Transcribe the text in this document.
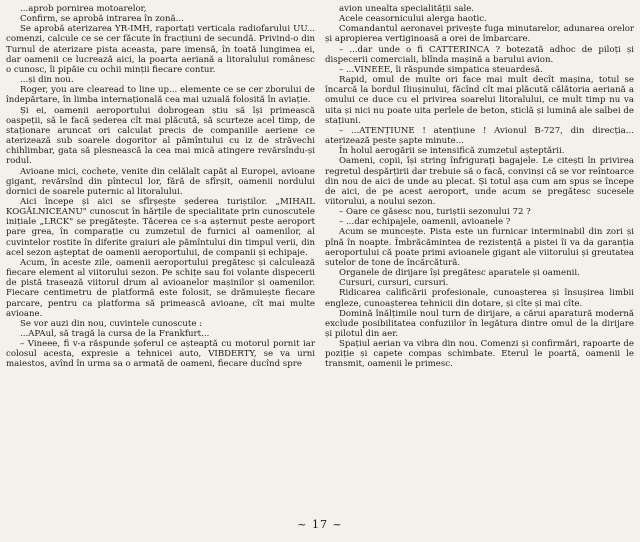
...aprob pornirea motoarelor,

Confirm, se aprobă intrarea în zonă...

Se aprobă aterizarea YR-IMH, raportați verticala radiofarului UU... comenzi, calcule ce se cer făcute în fracțiuni de secundă. Privind-o din Turnul de aterizare pista aceasta, pare imensă, în toată lungimea ei, dar oamenii ce lucrează aici, la poarta aeriană a litoralului românesc o cunosc, îi pipăie cu ochii minții fiecare contur.

...și din nou.

Roger, you are clearead to line up... elemente ce se cer zborului de îndepărtare, în limba internațională cea mai uzuală folosită în aviație.

Și ei, oamenii aeroportului dobrogean știu să își primească oaspeții, să le facă șederea cît mai plăcută, să scurteze acel timp, de staționare aruncat ori calculat precis de companiile aeriene ce aterizează sub soarele dogoritor al pămîntului cu iz de străvechi chihlimbar, gata să plesnească la cea mai mică atingere revărsîndu-și rodul.

Avioane mici, cochete, venite din celălalt capăt al Europei, avioane gigant, revărsînd din pîntecul lor, fără de sfîrșit, oamenii nordului dornici de soarele puternic al litoralului.

Aici începe și aici se sfîrșește șederea turiștilor. „MIHAIL KOGĂLNICEANU" cunoscut în hărțile de specialitate prin cunoscutele inițiale „LRCK" se pregătește. Tăcerea ce s-a așternut peste aeroport pare grea, în comparație cu zumzetul de furnici al oamenilor, al cuvintelor rostite în diferite graiuri ale pămîntului din timpul verii, din acel sezon așteptat de oamenii aeroportului, de companii și echipaje.

Acum, în aceste zile, oamenii aeroportului pregătesc și calculează fiecare element al viitorului sezon. Pe schițe sau foi volante dispecerii de pistă trasează viitorul drum al avioanelor mașinilor și oamenilor. Fiecare centimetru de platformă este folosit, se drămuiește fiecare parcare, pentru ca platforma să primească avioane, cît mai multe avioane.

Se vor auzi din nou, cuvintele cunoscute :

...APAul, să tragă la cursa de la Frankfurt...

– Vineee, fi v-a răspunde șoferul ce așteaptă cu motorul pornit iar colosul acesta, expresie a tehnicei auto, VIBDERTY, se va urni maiestos, avînd în urma sa o armată de oameni, fiecare ducînd spre

avion unealta specialității sale.

Acele ceasornicului alerga haotic.

Comandantul aeronavei privește fuga minutarelor, adunarea orelor și apropierea vertiginoasă a orei de îmbarcare.

– ...dar unde o fi CATTERINCA ? botezată adhoc de piloți și dispecerii comerciali, blînda mașină a barului avion.

– ...VINEEE, îi răspunde simpatica steuardesă.

Rapid, omul de multe ori face mai mult decît mașina, totul se încarcă la bordul Iliușinului, făcînd cît mai plăcută călătoria aeriană a omului ce duce cu el privirea soarelui litoralului, ce mult timp nu va uita și nici nu poate uita perlele de beton, sticlă și lumină ale salbei de stațiuni.

– ...ATENȚIUNE ! atențiune ! Avionul B-727, din direcția... aterizează peste șapte minute...

În holul aerogării se intensifică zumzetul așteptării.

Oameni, copii, își string înfrigurați bagajele. Le citești în privirea regretul despărțirii dar trebuie să o facă, convinși că se vor reîntoarce din nou de aici de unde au plecat. Și totul așa cum am spus se începe de aici, de pe acest aeroport, unde acum se pregătesc sucesele viitorului, a noului sezon.

– Oare ce găsesc nou, turiștii sezonului 72 ?

– ...dar echipajele, oamenii, avioanele ?

Acum se muncește. Pista este un furnicar interminabil din zori și pînă în noapte. Îmbrăcămintea de rezistență a pistei îi va da garanția aeroportului că poate primi avioanele gigant ale viitorului și greutatea sutelor de tone de încărcătură.

Organele de dirijare își pregătesc aparatele și oamenii.

Cursuri, cursuri, cursuri.

Ridicarea calificării profesionale, cunoașterea și însușirea limbii engleze, cunoașterea tehnicii din dotare, și cîte și mai cîte.

Domină înălțimile noul turn de dirijare, a cărui aparatură modernă exclude posibilitatea confuziilor în legătura dintre omul de la dirijare și pilotul din aer.

Spațiul aerian va vibra din nou. Comenzi și confirmări, rapoarte de poziție și capete compas schimbate. Eterul le poartă, oamenii le transmit, oamenii le primesc.

~ 17 ~
